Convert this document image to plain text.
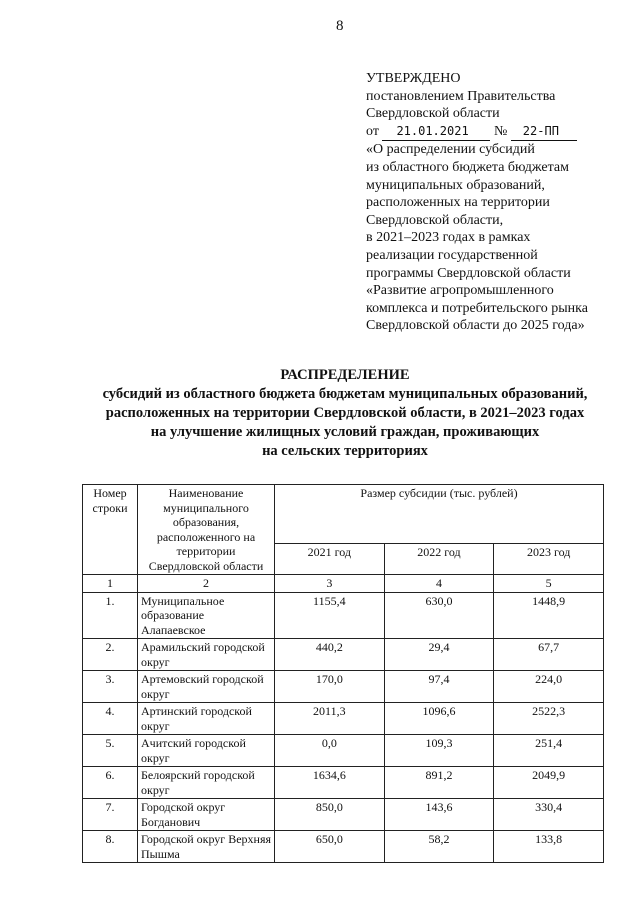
8
УТВЕРЖДЕНО
постановлением Правительства
Свердловской области
от 21.01.2021 № 22-ПП
«О распределении субсидий
из областного бюджета бюджетам
муниципальных образований,
расположенных на территории
Свердловской области,
в 2021–2023 годах в рамках
реализации государственной
программы Свердловской области
«Развитие агропромышленного
комплекса и потребительского рынка
Свердловской области до 2025 года»
РАСПРЕДЕЛЕНИЕ
субсидий из областного бюджета бюджетам муниципальных образований,
расположенных на территории Свердловской области, в 2021–2023 годах
на улучшение жилищных условий граждан, проживающих
на сельских территориях
Номер строки	Наименование муниципального образования, расположенного на территории Свердловской области	Размер субсидии (тыс. рублей)		
		2021 год	2022 год	2023 год
1	2	3	4	5
1.	Муниципальное образование Алапаевское	1155,4	630,0	1448,9
2.	Арамильский городской округ	440,2	29,4	67,7
3.	Артемовский городской округ	170,0	97,4	224,0
4.	Артинский городской округ	2011,3	1096,6	2522,3
5.	Ачитский городской округ	0,0	109,3	251,4
6.	Белоярский городской округ	1634,6	891,2	2049,9
7.	Городской округ Богданович	850,0	143,6	330,4
8.	Городской округ Верхняя Пышма	650,0	58,2	133,8
